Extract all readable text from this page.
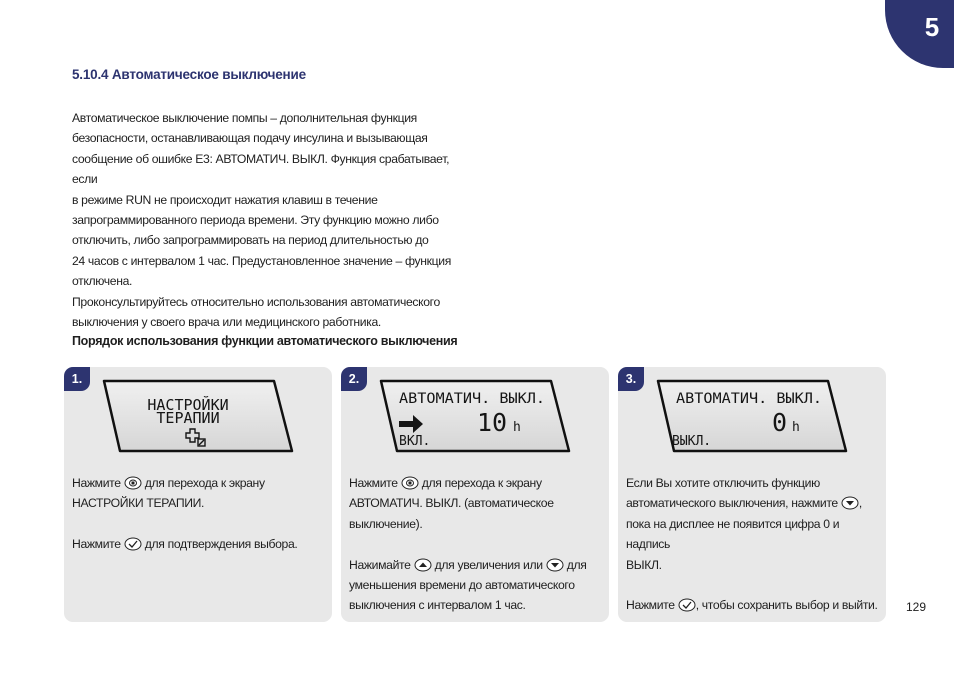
5
5.10.4 Автоматическое выключение

Автоматическое выключение помпы – дополнительная функция

безопасности, останавливающая подачу инсулина и вызывающая

сообщение об ошибке E3: АВТОМАТИЧ. ВЫКЛ. Функция срабатывает, если

в режиме RUN не происходит нажатия клавиш в течение

запрограммированного периода времени. Эту функцию можно либо

отключить, либо запрограммировать на период длительностью до

24 часов с интервалом 1 час. Предустановленное значение – функция

отключена.

Проконсультируйтесь относительно использования автоматического

выключения у своего врача или медицинского работника.

Порядок использования функции автоматического выключения
1.
НАСТРОЙКИ
ТЕРАПИИ

Нажмите  для перехода к экрану

НАСТРОЙКИ ТЕРАПИИ.

Нажмите  для подтверждения выбора.

2.
АВТОМАТИЧ. ВЫКЛ.
10 h
ВКЛ.

Нажмите  для перехода к экрану

АВТОМАТИЧ. ВЫКЛ. (автоматическое

выключение).

Нажимайте  для увеличения или  для

уменьшения времени до автоматического

выключения с интервалом 1 час.

3.
АВТОМАТИЧ. ВЫКЛ.
0 h
ВЫКЛ.

Если Вы хотите отключить функцию

автоматического выключения, нажмите ,

пока на дисплее не появится цифра 0 и надпись

ВЫКЛ.

Нажмите , чтобы сохранить выбор и выйти. 129
